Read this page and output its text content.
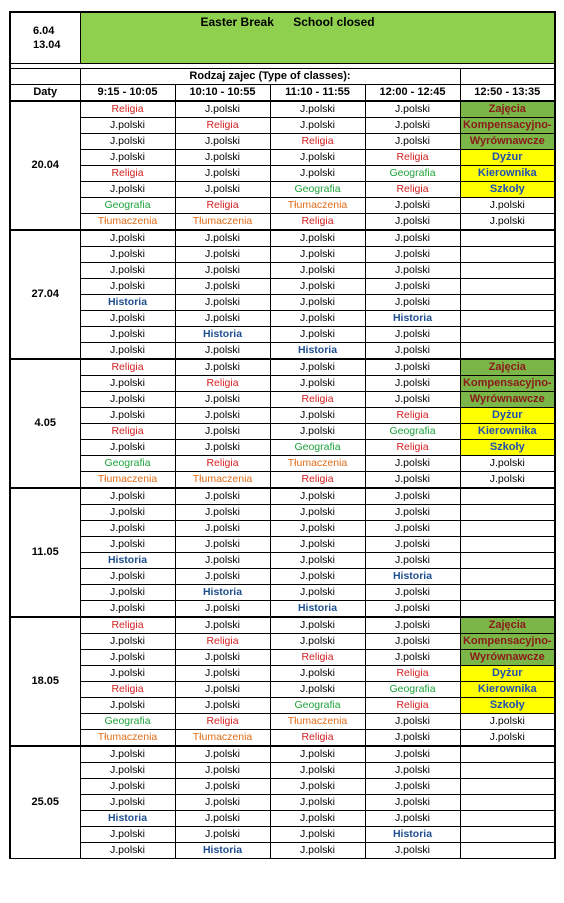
6.04
13.04	Easter Break School closed				

	Rodzaj zajec (Type of classes):				
Daty	9:15 - 10:05	10:10 - 10:55	11:10 - 11:55	12:00 - 12:45	12:50 - 13:35
20.04	Religia	J.polski	J.polski	J.polski	Zajęcia
	J.polski	Religia	J.polski	J.polski	Kompensacyjno-
	J.polski	J.polski	Religia	J.polski	Wyrównawcze
	J.polski	J.polski	J.polski	Religia	Dyżur
	Religia	J.polski	J.polski	Geografia	Kierownika
	J.polski	J.polski	Geografia	Religia	Szkoły
	Geografia	Religia	Tłumaczenia	J.polski	J.polski
	Tłumaczenia	Tłumaczenia	Religia	J.polski	J.polski
27.04	J.polski	J.polski	J.polski	J.polski	
	J.polski	J.polski	J.polski	J.polski	
	J.polski	J.polski	J.polski	J.polski	
	J.polski	J.polski	J.polski	J.polski	
	Historia	J.polski	J.polski	J.polski	
	J.polski	J.polski	J.polski	Historia	
	J.polski	Historia	J.polski	J.polski	
	J.polski	J.polski	Historia	J.polski	
4.05	Religia	J.polski	J.polski	J.polski	Zajęcia
	J.polski	Religia	J.polski	J.polski	Kompensacyjno-
	J.polski	J.polski	Religia	J.polski	Wyrównawcze
	J.polski	J.polski	J.polski	Religia	Dyżur
	Religia	J.polski	J.polski	Geografia	Kierownika
	J.polski	J.polski	Geografia	Religia	Szkoły
	Geografia	Religia	Tłumaczenia	J.polski	J.polski
	Tłumaczenia	Tłumaczenia	Religia	J.polski	J.polski
11.05	J.polski	J.polski	J.polski	J.polski	
	J.polski	J.polski	J.polski	J.polski	
	J.polski	J.polski	J.polski	J.polski	
	J.polski	J.polski	J.polski	J.polski	
	Historia	J.polski	J.polski	J.polski	
	J.polski	J.polski	J.polski	Historia	
	J.polski	Historia	J.polski	J.polski	
	J.polski	J.polski	Historia	J.polski	
18.05	Religia	J.polski	J.polski	J.polski	Zajęcia
	J.polski	Religia	J.polski	J.polski	Kompensacyjno-
	J.polski	J.polski	Religia	J.polski	Wyrównawcze
	J.polski	J.polski	J.polski	Religia	Dyżur
	Religia	J.polski	J.polski	Geografia	Kierownika
	J.polski	J.polski	Geografia	Religia	Szkoły
	Geografia	Religia	Tłumaczenia	J.polski	J.polski
	Tłumaczenia	Tłumaczenia	Religia	J.polski	J.polski
25.05	J.polski	J.polski	J.polski	J.polski	
	J.polski	J.polski	J.polski	J.polski	
	J.polski	J.polski	J.polski	J.polski	
	J.polski	J.polski	J.polski	J.polski	
	Historia	J.polski	J.polski	J.polski	
	J.polski	J.polski	J.polski	Historia	
	J.polski	Historia	J.polski	J.polski	
